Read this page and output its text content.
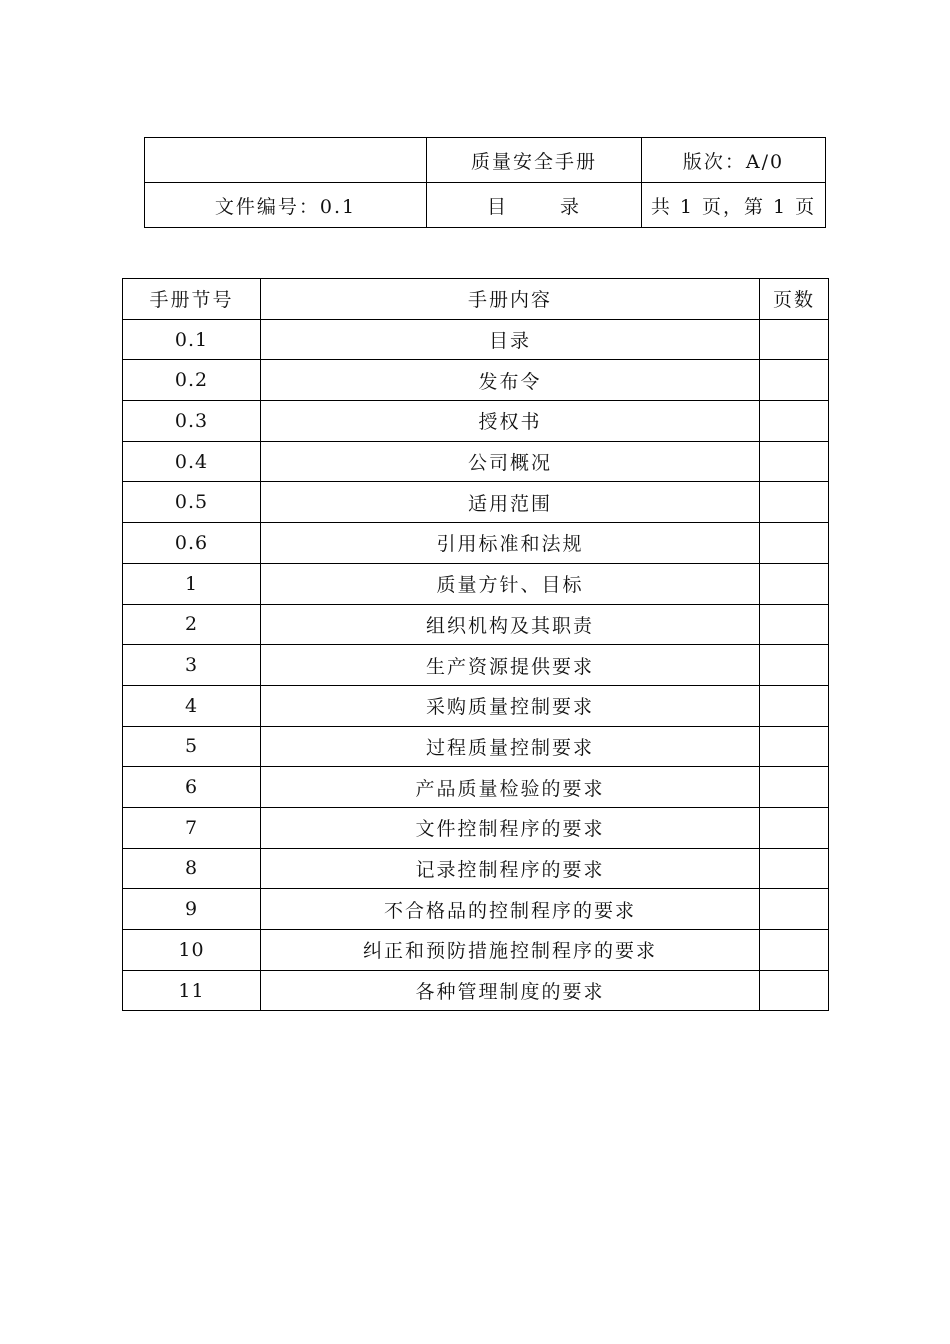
	质量安全手册	版次：A/0
文件编号：0.1	目 录	共 1 页，第 1 页
手册节号	手册内容	页数
0.1	目录	
0.2	发布令	
0.3	授权书	
0.4	公司概况	
0.5	适用范围	
0.6	引用标准和法规	
1	质量方针、目标	
2	组织机构及其职责	
3	生产资源提供要求	
4	采购质量控制要求	
5	过程质量控制要求	
6	产品质量检验的要求	
7	文件控制程序的要求	
8	记录控制程序的要求	
9	不合格品的控制程序的要求	
10	纠正和预防措施控制程序的要求	
11	各种管理制度的要求	
